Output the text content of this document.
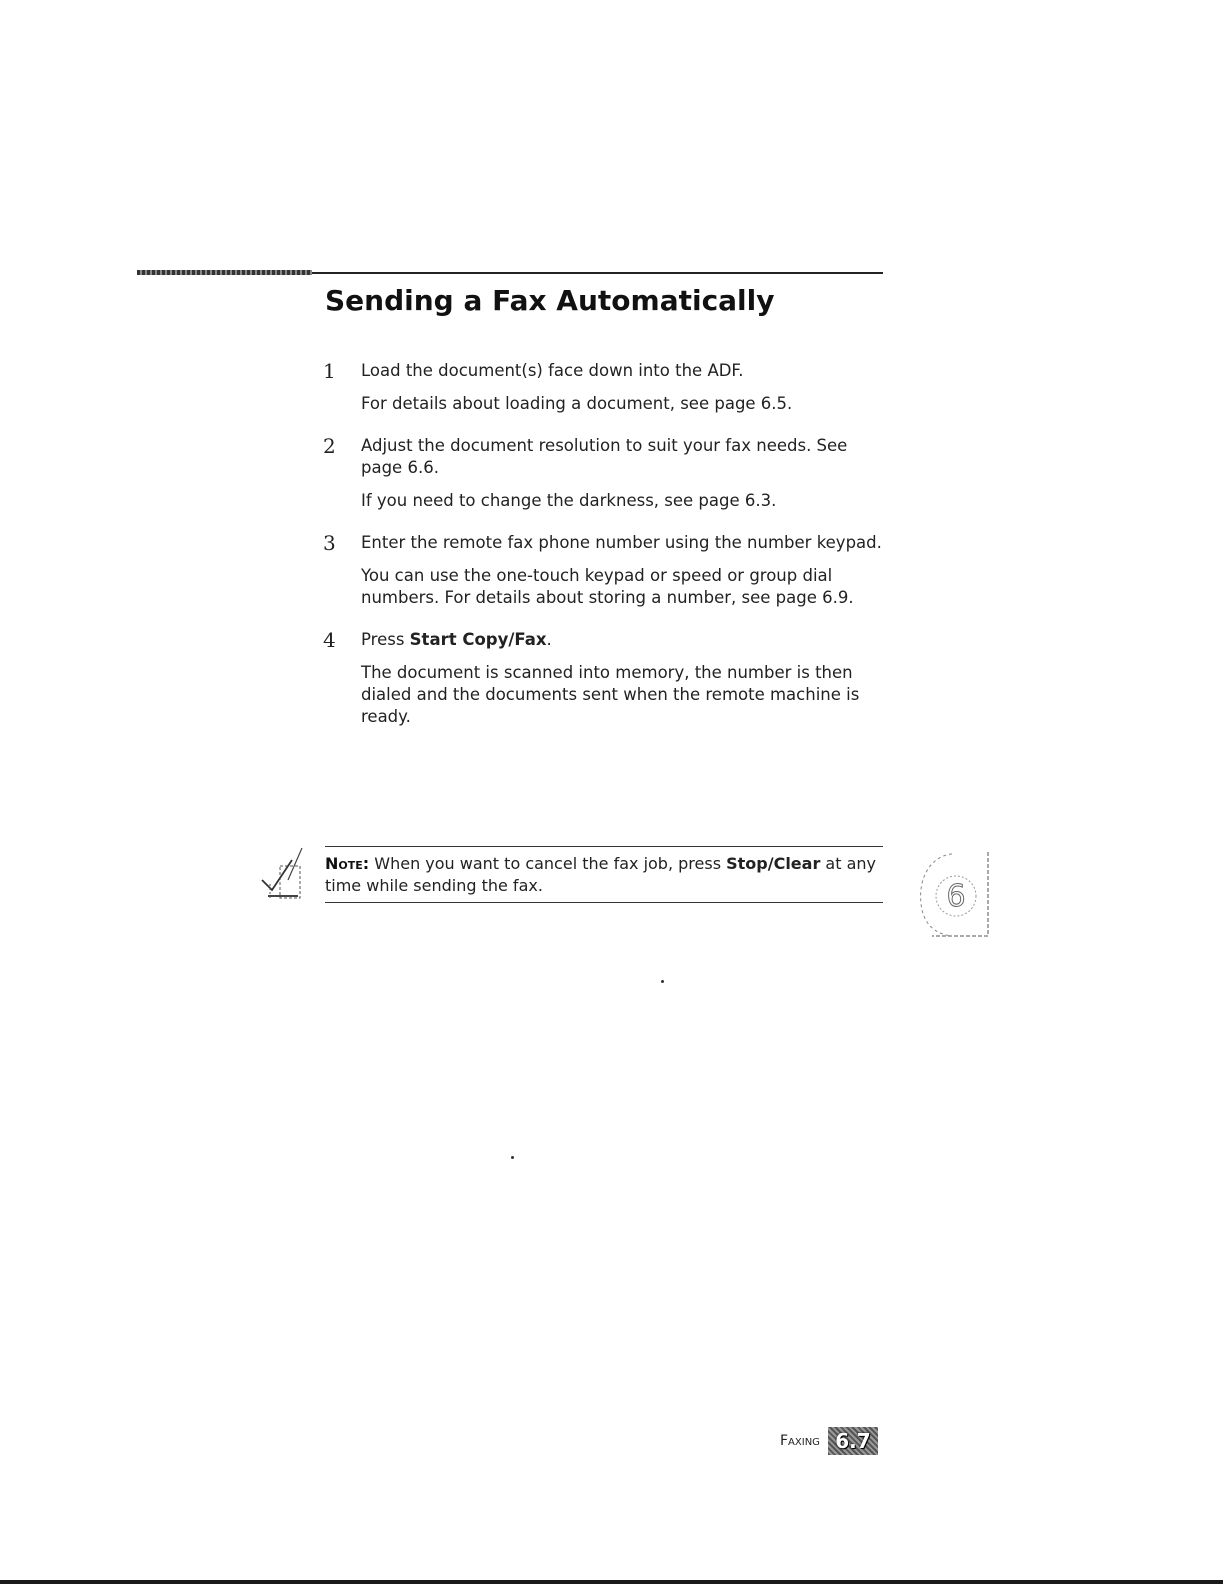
Sending a Fax Automatically
1 Load the document(s) face down into the ADF.

For details about loading a document, see page 6.5.

2 Adjust the document resolution to suit your fax needs. See page 6.6.

If you need to change the darkness, see page 6.3.

3 Enter the remote fax phone number using the number keypad.

You can use the one-touch keypad or speed or group dial numbers. For details about storing a number, see page 6.9.

4 Press Start Copy/Fax.

The document is scanned into memory, the number is then dialed and the documents sent when the remote machine is ready.

Note: When you want to cancel the fax job, press Stop/Clear at any time while sending the fax.	6
Faxing 6.7
